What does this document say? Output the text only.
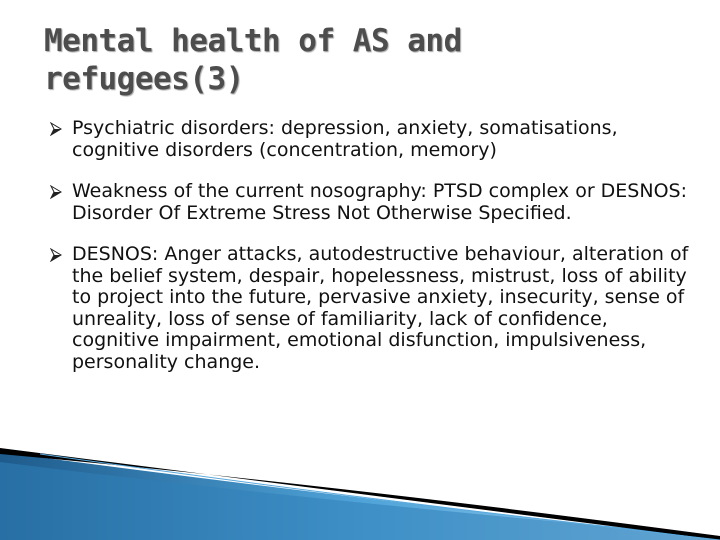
Mental health of AS and
refugees(3)
Psychiatric disorders: depression, anxiety, somatisations, cognitive disorders (concentration, memory)
Weakness of the current nosography: PTSD complex or DESNOS: Disorder Of Extreme Stress Not Otherwise Specified.
DESNOS: Anger attacks, autodestructive behaviour, alteration of the belief system, despair, hopelessness, mistrust, loss of ability to project into the future, pervasive anxiety, insecurity, sense of unreality, loss of sense of familiarity, lack of confidence, cognitive impairment, emotional disfunction, impulsiveness, personality change.
